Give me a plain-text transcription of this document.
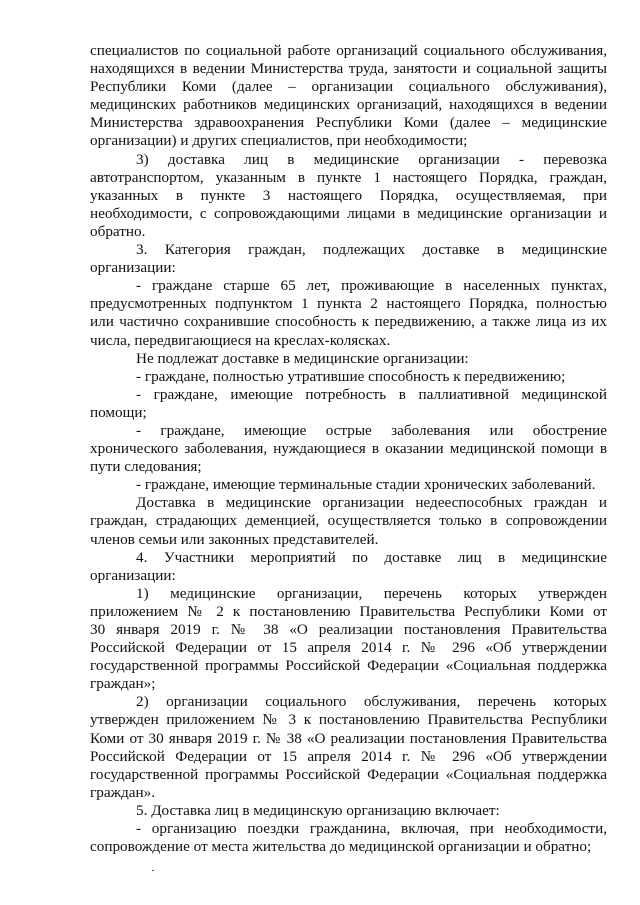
специалистов по социальной работе организаций социального обслуживания,
находящихся в ведении Министерства труда, занятости и социальной защиты
Республики Коми (далее – организации социального обслуживания),
медицинских работников медицинских организаций, находящихся в ведении
Министерства здравоохранения Республики Коми (далее – медицинские
организации) и других специалистов, при необходимости;

3) доставка лиц в медицинские организации - перевозка
автотранспортом, указанным в пункте 1 настоящего Порядка, граждан,
указанных в пункте 3 настоящего Порядка, осуществляемая, при
необходимости, с сопровождающими лицами в медицинские организации и
обратно.

3. Категория граждан, подлежащих доставке в медицинские
организации:

- граждане старше 65 лет, проживающие в населенных пунктах,
предусмотренных подпунктом 1 пункта 2 настоящего Порядка, полностью
или частично сохранившие способность к передвижению, а также лица из их
числа, передвигающиеся на креслах-колясках.

Не подлежат доставке в медицинские организации:

- граждане, полностью утратившие способность к передвижению;

- граждане, имеющие потребность в паллиативной медицинской
помощи;

- граждане, имеющие острые заболевания или обострение
хронического заболевания, нуждающиеся в оказании медицинской помощи в
пути следования;

- граждане, имеющие терминальные стадии хронических заболеваний.

Доставка в медицинские организации недееспособных граждан и
граждан, страдающих деменцией, осуществляется только в сопровождении
членов семьи или законных представителей.

4. Участники мероприятий по доставке лиц в медицинские
организации:

1) медицинские организации, перечень которых утвержден
приложением № 2 к постановлению Правительства Республики Коми от
30 января 2019 г. № 38 «О реализации постановления Правительства
Российской Федерации от 15 апреля 2014 г. № 296 «Об утверждении
государственной программы Российской Федерации «Социальная поддержка
граждан»;

2) организации социального обслуживания, перечень которых
утвержден приложением № 3 к постановлению Правительства Республики
Коми от 30 января 2019 г. № 38 «О реализации постановления Правительства
Российской Федерации от 15 апреля 2014 г. № 296 «Об утверждении
государственной программы Российской Федерации «Социальная поддержка
граждан».

5. Доставка лиц в медицинскую организацию включает:

- организацию поездки гражданина, включая, при необходимости,
сопровождение от места жительства до медицинской организации и обратно;
